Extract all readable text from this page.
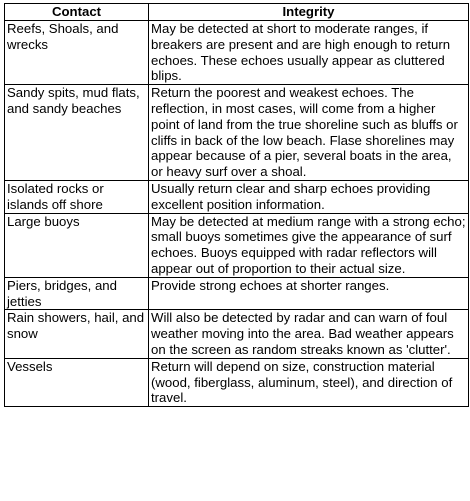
Contact	Integrity
Reefs, Shoals, and wrecks	May be detected at short to moderate ranges, if breakers are present and are high enough to return echoes. These echoes usually appear as cluttered blips.
Sandy spits, mud flats, and sandy beaches	Return the poorest and weakest echoes. The reflection, in most cases, will come from a higher point of land from the true shoreline such as bluffs or cliffs in back of the low beach. Flase shorelines may appear because of a pier, several boats in the area, or heavy surf over a shoal.
Isolated rocks or islands off shore	Usually return clear and sharp echoes providing excellent position information.
Large buoys	May be detected at medium range with a strong echo; small buoys sometimes give the appearance of surf echoes. Buoys equipped with radar reflectors will appear out of proportion to their actual size.
Piers, bridges, and jetties	Provide strong echoes at shorter ranges.
Rain showers, hail, and snow	Will also be detected by radar and can warn of foul weather moving into the area. Bad weather appears on the screen as random streaks known as 'clutter'.
Vessels	Return will depend on size, construction material (wood, fiberglass, aluminum, steel), and direction of travel.
